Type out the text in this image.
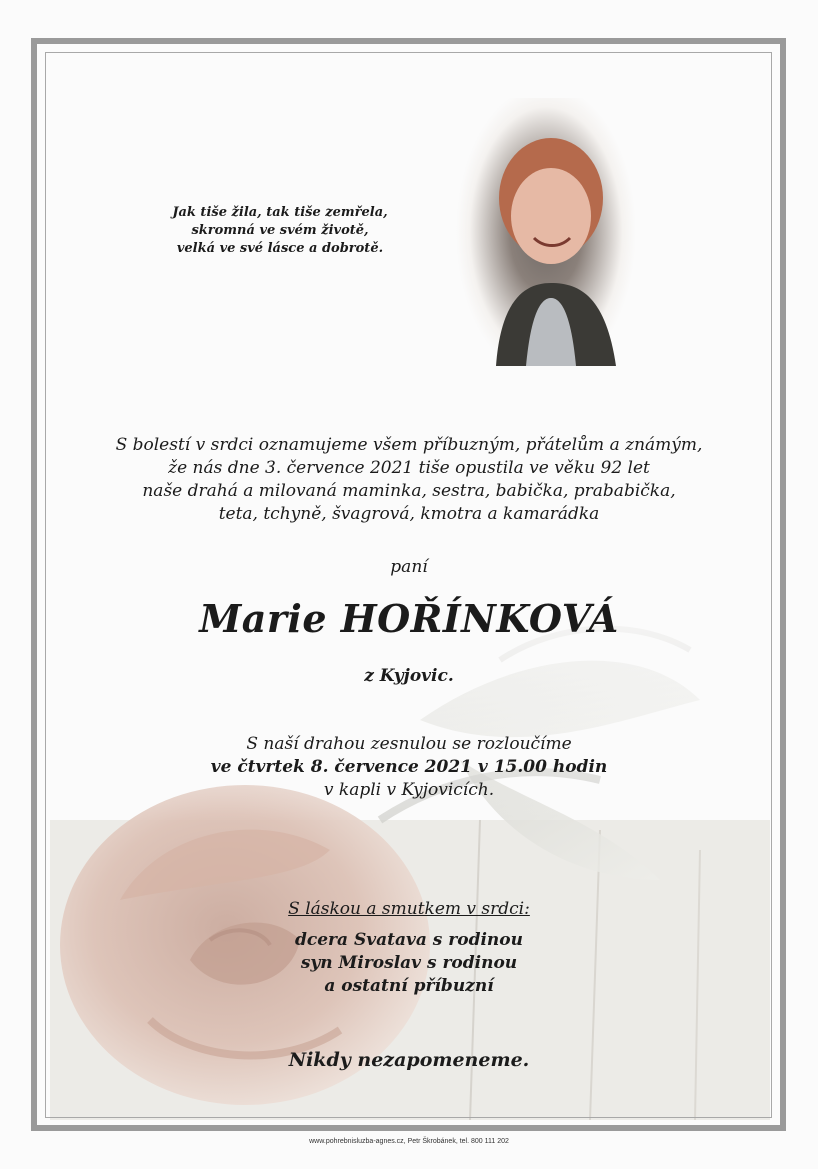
Jak tiše žila, tak tiše zemřela,
skromná ve svém životě,
velká ve své lásce a dobrotě.
S bolestí v srdci oznamujeme všem příbuzným, přátelům a známým,
že nás dne 3. července 2021 tiše opustila ve věku 92 let
naše drahá a milovaná maminka, sestra, babička, prababička,
teta, tchyně, švagrová, kmotra a kamarádka
paní
Marie HOŘÍNKOVÁ
z Kyjovic.
S naší drahou zesnulou se rozloučíme
ve čtvrtek 8. července 2021 v 15.00 hodin
v kapli v Kyjovicích.
S láskou a smutkem v srdci:
dcera Svatava s rodinou
syn Miroslav s rodinou
a ostatní příbuzní
Nikdy nezapomeneme.
www.pohrebnisluzba-agnes.cz, Petr Škrobánek, tel. 800 111 202
